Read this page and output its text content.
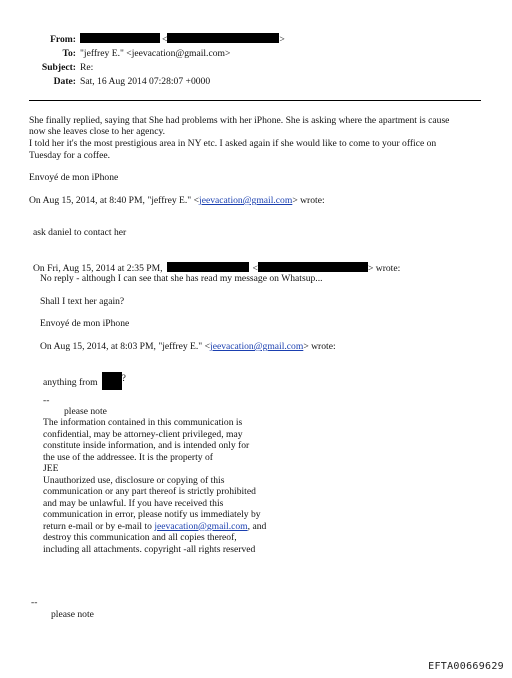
From:	<	>
To: "jeffrey E." <jeevacation@gmail.com>
Subject: Re:
Date: Sat, 16 Aug 2014 07:28:07 +0000
She finally replied, saying that She had problems with her iPhone. She is asking where the apartment is cause
now she leaves close to her agency.
I told her it's the most prestigious area in NY etc. I asked again if she would like to come to your office on
Tuesday for a coffee.
Envoyé de mon iPhone
On Aug 15, 2014, at 8:40 PM, "jeffrey E." <jeevacation@gmail.com> wrote:
ask daniel to contact her
On Fri, Aug 15, 2014 at 2:35 PM,	<	> wrote:
No reply - although I can see that she has read my message on Whatsup...
Shall I text her again?
Envoyé de mon iPhone
On Aug 15, 2014, at 8:03 PM, "jeffrey E." <jeevacation@gmail.com> wrote:
anything from	?
--
please note
The information contained in this communication is
confidential, may be attorney-client privileged, may
constitute inside information, and is intended only for
the use of the addressee. It is the property of
JEE
Unauthorized use, disclosure or copying of this
communication or any part thereof is strictly prohibited
and may be unlawful. If you have received this
communication in error, please notify us immediately by
return e-mail or by e-mail to jeevacation@gmail.com, and
destroy this communication and all copies thereof,
including all attachments. copyright -all rights reserved
--
please note
EFTA00669629
